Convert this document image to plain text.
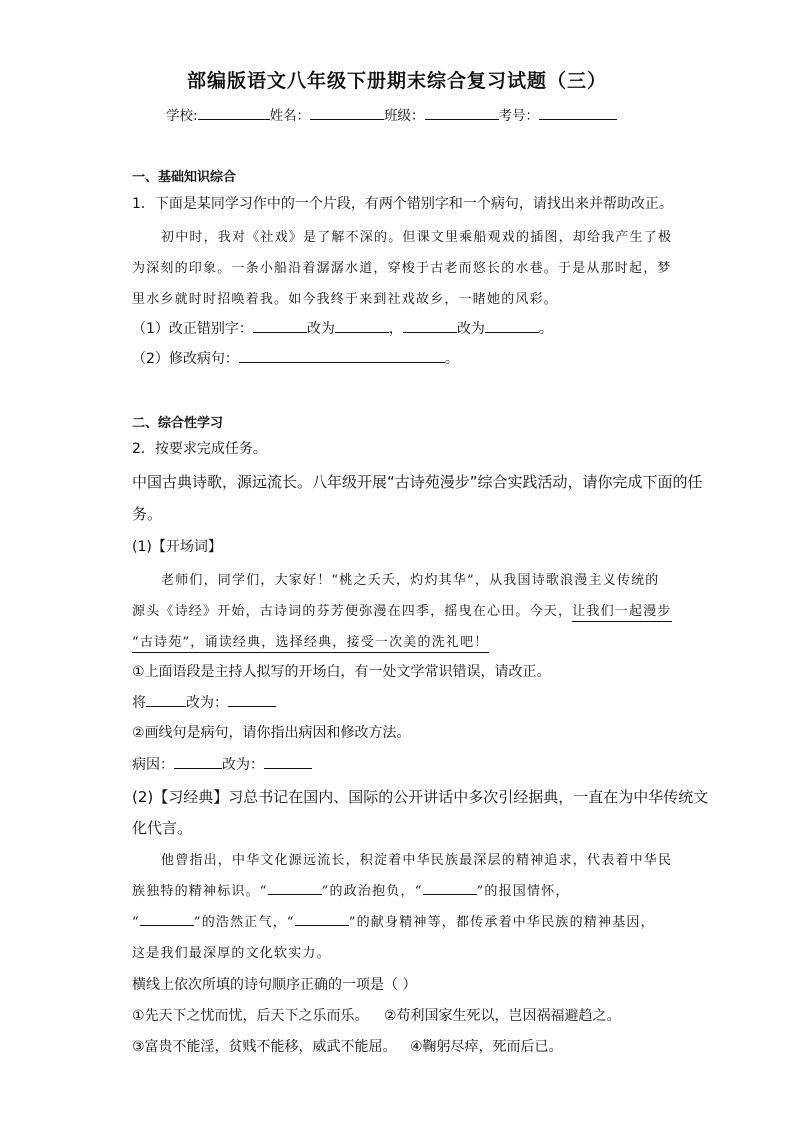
部编版语文八年级下册期末综合复习试题（三）
学校:	姓名：	班级：	考号：
一、基础知识综合
1．下面是某同学习作中的一个片段，有两个错别字和一个病句，请找出来并帮助改正。
初中时，我对《社戏》是了解不深的。但课文里乘船观戏的插图，却给我产生了极
为深刻的印象。一条小船沿着潺潺水道，穿梭于古老而悠长的水巷。于是从那时起，梦
里水乡就时时招唤着我。如今我终于来到社戏故乡，一睹她的风彩。
（1）改正错别字：	改为	，	改为	。
（2）修改病句：	。
二、综合性学习
2．按要求完成任务。
中国古典诗歌，源远流长。八年级开展“古诗苑漫步”综合实践活动，请你完成下面的任
务。
(1)【开场词】
老师们，同学们，大家好！“桃之夭夭，灼灼其华”，从我国诗歌浪漫主义传统的
源头《诗经》开始，古诗词的芬芳便弥漫在四季，摇曳在心田。今天，让我们一起漫步
“古诗苑”，诵读经典，选择经典，接受一次美的洗礼吧！
①上面语段是主持人拟写的开场白，有一处文学常识错误，请改正。
将	改为：
②画线句是病句，请你指出病因和修改方法。
病因：	改为：
(2)【习经典】习总书记在国内、国际的公开讲话中多次引经据典，一直在为中华传统文
化代言。
他曾指出，中华文化源远流长，积淀着中华民族最深层的精神追求，代表着中华民
族独特的精神标识。“	”的政治抱负，“	”的报国情怀，
“	”的浩然正气，“	”的献身精神等，都传承着中华民族的精神基因，
这是我们最深厚的文化软实力。
横线上依次所填的诗句顺序正确的一项是（ ）
①先天下之忧而忧，后天下之乐而乐。 ②苟利国家生死以，岂因祸福避趋之。
③富贵不能淫，贫贱不能移，威武不能屈。 ④鞠躬尽瘁，死而后已。
